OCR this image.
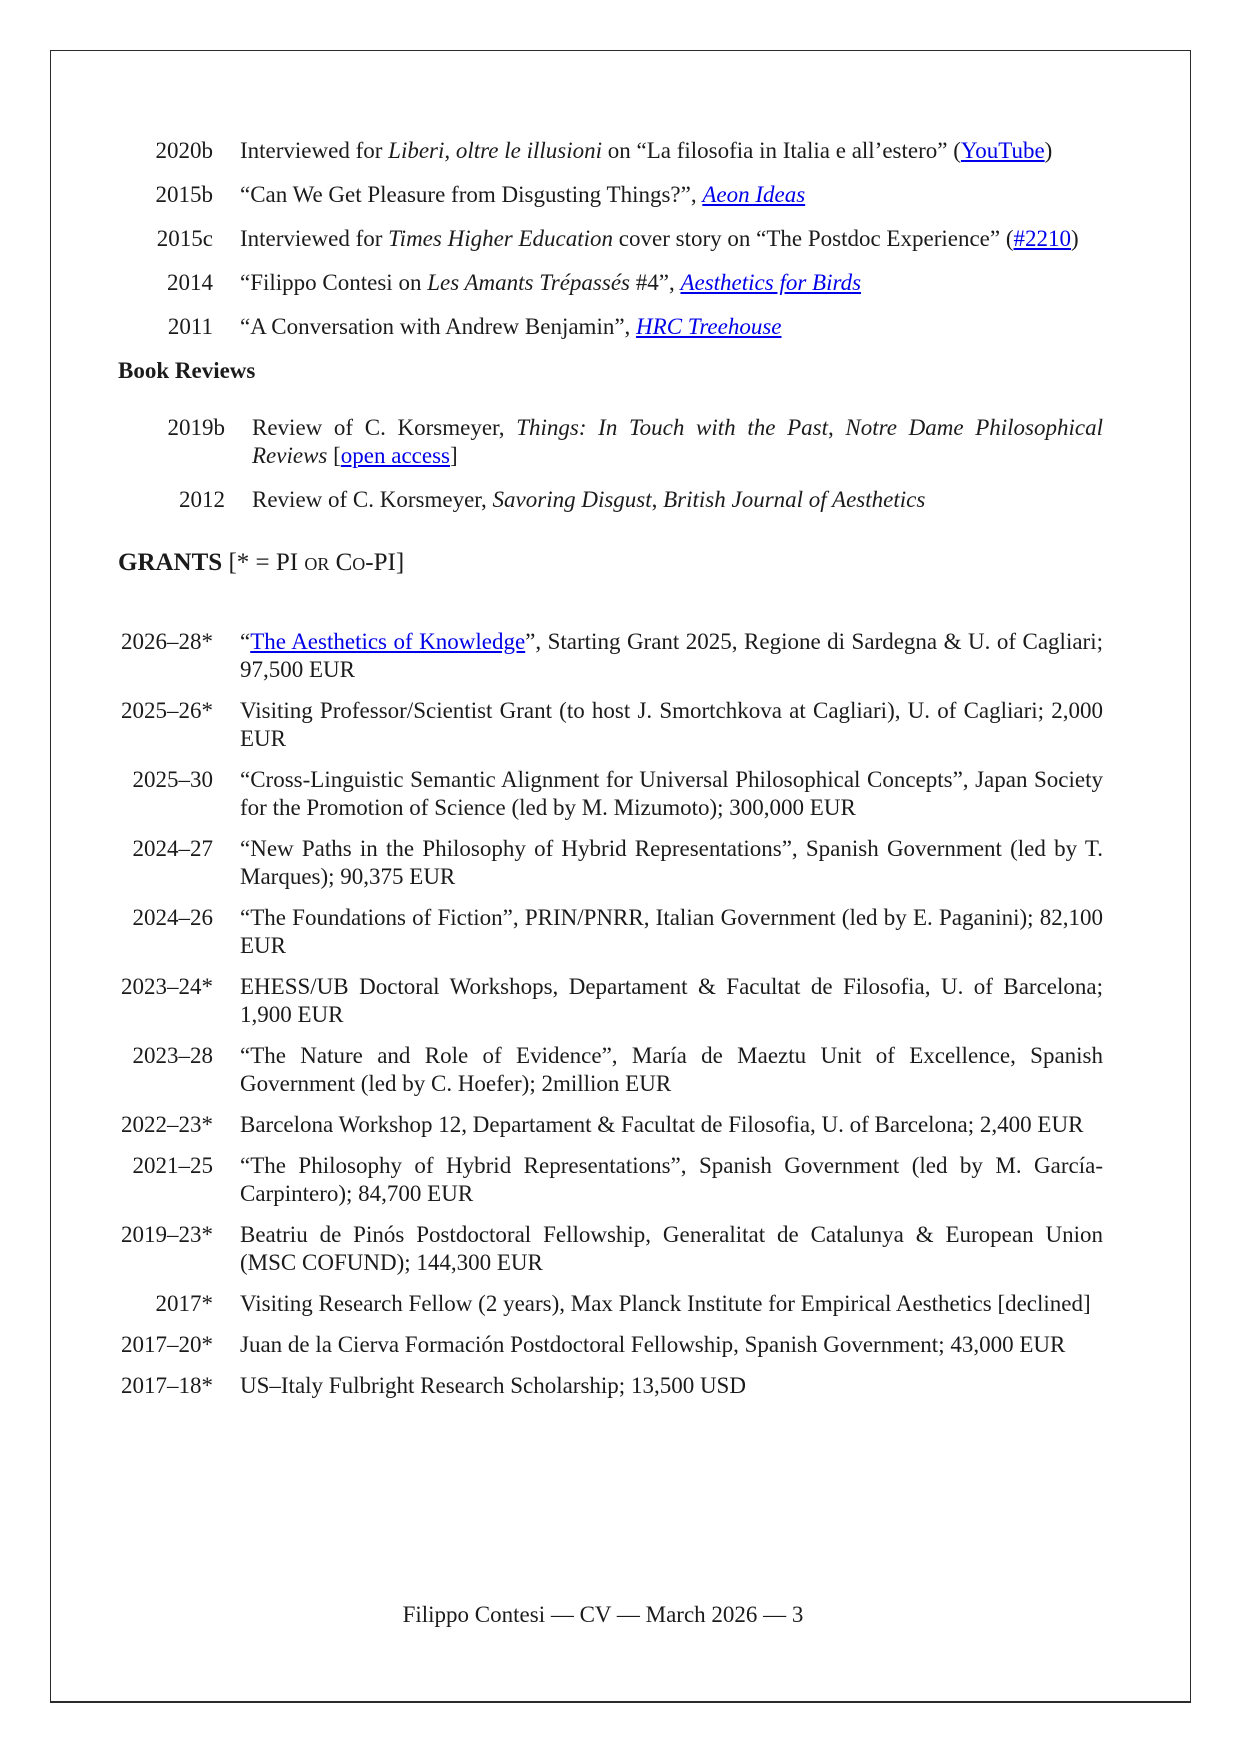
2020b Interviewed for Liberi, oltre le illusioni on “La filosofia in Italia e all’estero” (YouTube)
2015b “Can We Get Pleasure from Disgusting Things?”, Aeon Ideas
2015c Interviewed for Times Higher Education cover story on “The Postdoc Experience” (#2210)
2014 “Filippo Contesi on Les Amants Trépassés #4”, Aesthetics for Birds
2011 “A Conversation with Andrew Benjamin”, HRC Treehouse
Book Reviews
2019b Review of C. Korsmeyer, Things: In Touch with the Past, Notre Dame Philosophical Reviews [open access]
2012 Review of C. Korsmeyer, Savoring Disgust, British Journal of Aesthetics
GRANTS [* = PI or Co-PI]
2026–28* “The Aesthetics of Knowledge”, Starting Grant 2025, Regione di Sardegna & U. of Cagliari; 97,500 EUR
2025–26* Visiting Professor/Scientist Grant (to host J. Smortchkova at Cagliari), U. of Cagliari; 2,000 EUR
2025–30 “Cross-Linguistic Semantic Alignment for Universal Philosophical Concepts”, Japan Society for the Promotion of Science (led by M. Mizumoto); 300,000 EUR
2024–27 “New Paths in the Philosophy of Hybrid Representations”, Spanish Government (led by T. Marques); 90,375 EUR
2024–26 “The Foundations of Fiction”, PRIN/PNRR, Italian Government (led by E. Paganini); 82,100 EUR
2023–24* EHESS/UB Doctoral Workshops, Departament & Facultat de Filosofia, U. of Barcelona; 1,900 EUR
2023–28 “The Nature and Role of Evidence”, María de Maeztu Unit of Excellence, Spanish Government (led by C. Hoefer); 2million EUR
2022–23* Barcelona Workshop 12, Departament & Facultat de Filosofia, U. of Barcelona; 2,400 EUR
2021–25 “The Philosophy of Hybrid Representations”, Spanish Government (led by M. García-Carpintero); 84,700 EUR
2019–23* Beatriu de Pinós Postdoctoral Fellowship, Generalitat de Catalunya & European Union (MSC COFUND); 144,300 EUR
2017* Visiting Research Fellow (2 years), Max Planck Institute for Empirical Aesthetics [declined]
2017–20* Juan de la Cierva Formación Postdoctoral Fellowship, Spanish Government; 43,000 EUR
2017–18* US–Italy Fulbright Research Scholarship; 13,500 USD
Filippo Contesi — CV — March 2026 — 3
